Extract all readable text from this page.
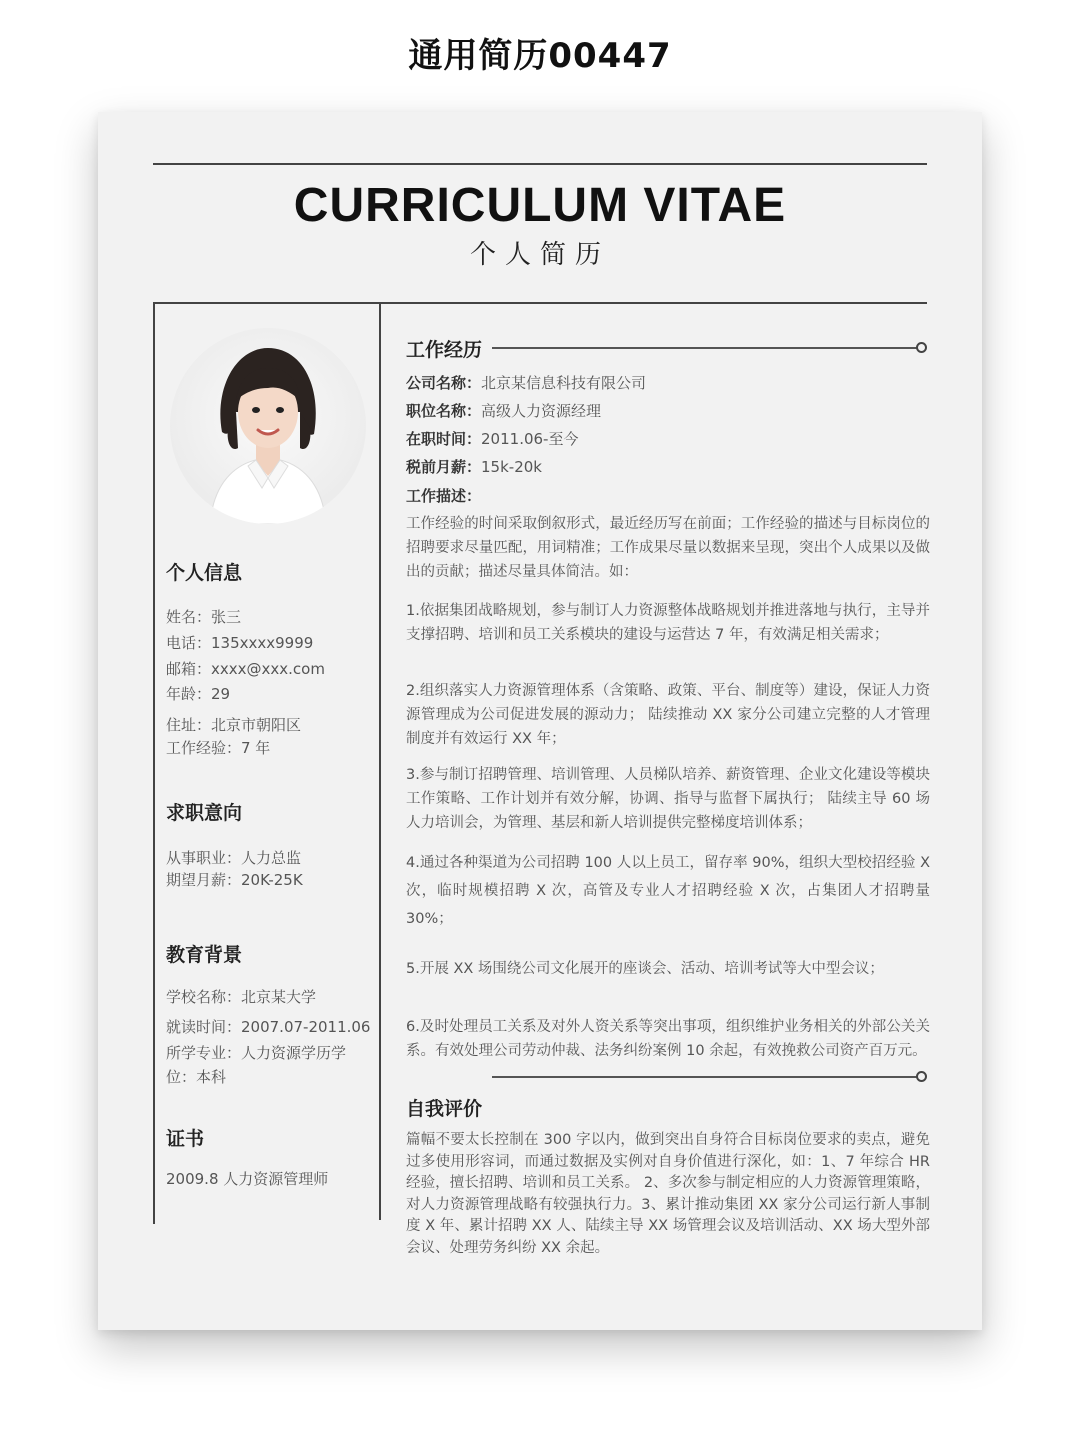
通用简历00447
CURRICULUM VITAE
个人简历
个人信息
姓名：张三
电话：135xxxx9999
邮箱：xxxx@xxx.com
年龄：29
住址：北京市朝阳区
工作经验：7 年
求职意向
从事职业：人力总监
期望月薪：20K-25K
教育背景
学校名称：北京某大学
就读时间：2007.07-2011.06
所学专业：人力资源学历学
位：本科
证书
2009.8 人力资源管理师
工作经历
公司名称：北京某信息科技有限公司
职位名称：高级人力资源经理
在职时间：2011.06-至今
税前月薪：15k-20k
工作描述：
工作经验的时间采取倒叙形式，最近经历写在前面；工作经验的描述与目标岗位的招聘要求尽量匹配，用词精准；工作成果尽量以数据来呈现，突出个人成果以及做出的贡献；描述尽量具体简洁。如：
1.依据集团战略规划，参与制订人力资源整体战略规划并推进落地与执行，主导并支撑招聘、培训和员工关系模块的建设与运营达 7 年，有效满足相关需求；
2.组织落实人力资源管理体系（含策略、政策、平台、制度等）建设，保证人力资源管理成为公司促进发展的源动力； 陆续推动 XX 家分公司建立完整的人才管理制度并有效运行 XX 年；
3.参与制订招聘管理、培训管理、人员梯队培养、薪资管理、企业文化建设等模块工作策略、工作计划并有效分解，协调、指导与监督下属执行； 陆续主导 60 场人力培训会，为管理、基层和新人培训提供完整梯度培训体系；
4.通过各种渠道为公司招聘 100 人以上员工，留存率 90%，组织大型校招经验 X 次，临时规模招聘 X 次，高管及专业人才招聘经验 X 次，占集团人才招聘量 30%；
5.开展 XX 场围绕公司文化展开的座谈会、活动、培训考试等大中型会议；
6.及时处理员工关系及对外人资关系等突出事项，组织维护业务相关的外部公关关系。有效处理公司劳动仲裁、法务纠纷案例 10 余起，有效挽救公司资产百万元。
自我评价
篇幅不要太长控制在 300 字以内，做到突出自身符合目标岗位要求的卖点，避免过多使用形容词，而通过数据及实例对自身价值进行深化，如：1、7 年综合 HR 经验，擅长招聘、培训和员工关系。 2、多次参与制定相应的人力资源管理策略，对人力资源管理战略有较强执行力。3、累计推动集团 XX 家分公司运行新人事制度 X 年、累计招聘 XX 人、陆续主导 XX 场管理会议及培训活动、XX 场大型外部会议、处理劳务纠纷 XX 余起。
